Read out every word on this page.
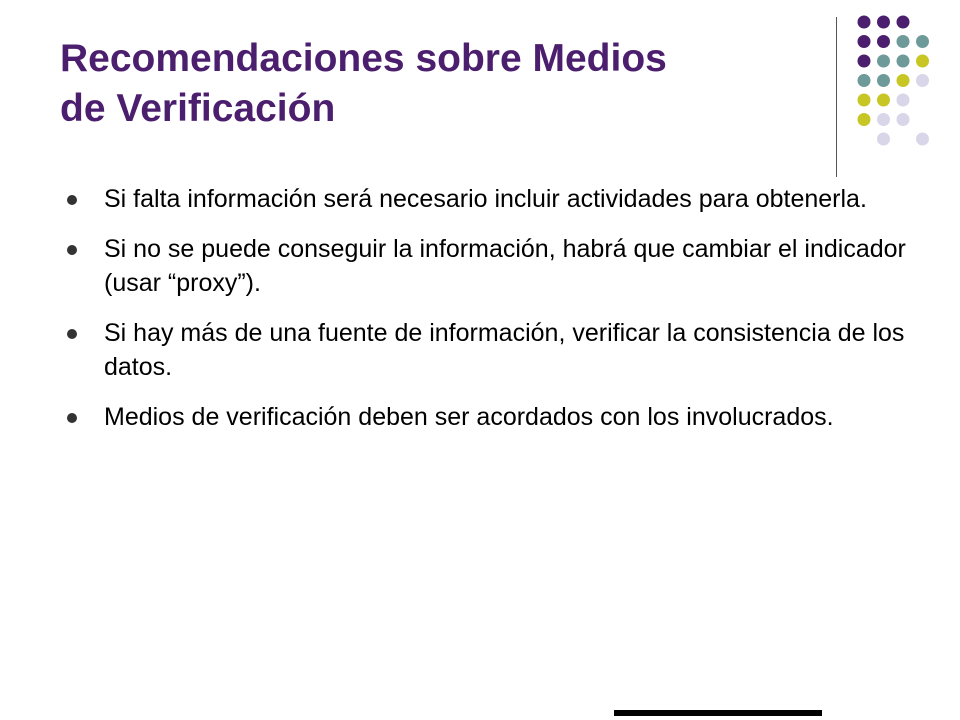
Recomendaciones sobre Medios
de Verificación
Si falta información será necesario incluir actividades para obtenerla.
Si no se puede conseguir la información, habrá que cambiar el indicador (usar “proxy”).
Si hay más de una fuente de información, verificar la consistencia de los datos.
Medios de verificación deben ser acordados con los involucrados.
